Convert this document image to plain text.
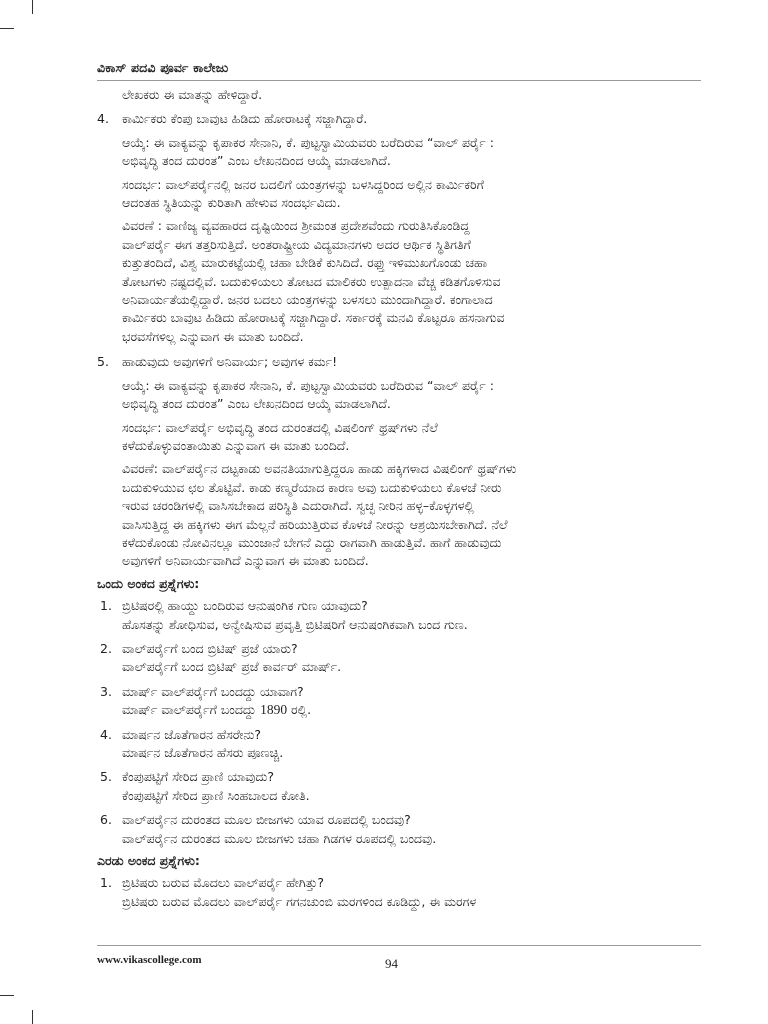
ವಿಕಾಸ್ ಪದವಿ ಪೂರ್ವ ಕಾಲೇಜು
ಲೇಖಕರು ಈ ಮಾತನ್ನು ಹೇಳಿದ್ದಾರೆ.
4. ಕಾರ್ಮಿಕರು ಕೆಂಪು ಬಾವುಟ ಹಿಡಿದು ಹೋರಾಟಕ್ಕೆ ಸಜ್ಜಾಗಿದ್ದಾರೆ.
ಆಯ್ಕೆ: ಈ ವಾಕ್ಯವನ್ನು ಕೃಪಾಕರ ಸೇನಾನಿ, ಕೆ. ಪುಟ್ಟಸ್ವಾಮಿಯವರು ಬರೆದಿರುವ “ವಾಲ್ ಪರ್ರೈ :
ಅಭಿವೃದ್ಧಿ ತಂದ ದುರಂತ” ಎಂಬ ಲೇಖನದಿಂದ ಆಯ್ಕೆ ಮಾಡಲಾಗಿದೆ.
ಸಂದರ್ಭ: ವಾಲ್‌ಪರ್ರೈನಲ್ಲಿ ಜನರ ಬದಲಿಗೆ ಯಂತ್ರಗಳನ್ನು ಬಳಸಿದ್ದರಿಂದ ಅಲ್ಲಿನ ಕಾರ್ಮಿಕರಿಗೆ
ಆದಂತಹ ಸ್ಥಿತಿಯನ್ನು ಕುರಿತಾಗಿ ಹೇಳುವ ಸಂದರ್ಭವಿದು.
ವಿವರಣೆ : ವಾಣಿಜ್ಯ ವ್ಯವಹಾರದ ದೃಷ್ಟಿಯಿಂದ ಶ್ರೀಮಂತ ಪ್ರದೇಶವೆಂದು ಗುರುತಿಸಿಕೊಂಡಿದ್ದ
ವಾಲ್‌ಪರ್ರೈ ಈಗ ತತ್ತರಿಸುತ್ತಿದೆ. ಅಂತರಾಷ್ಟ್ರೀಯ ವಿದ್ಯಮಾನಗಳು ಅದರ ಆರ್ಥಿಕ ಸ್ಥಿತಿಗತಿಗೆ
ಕುತ್ತುತಂದಿದೆ, ವಿಶ್ವ ಮಾರುಕಟ್ಟೆಯಲ್ಲಿ ಚಹಾ ಬೇಡಿಕೆ ಕುಸಿದಿದೆ. ರಫ್ತು ಇಳಿಮುಖಗೊಂಡು ಚಹಾ
ತೋಟಗಳು ನಷ್ಟದಲ್ಲಿವೆ. ಬದುಕುಳಿಯಲು ತೋಟದ ಮಾಲಿಕರು ಉತ್ಪಾದನಾ ವೆಚ್ಚ ಕಡಿತಗೊಳಿಸುವ
ಅನಿವಾರ್ಯತೆಯಲ್ಲಿದ್ದಾರೆ. ಜನರ ಬದಲು ಯಂತ್ರಗಳನ್ನು ಬಳಸಲು ಮುಂದಾಗಿದ್ದಾರೆ. ಕಂಗಾಲಾದ
ಕಾರ್ಮಿಕರು ಬಾವುಟ ಹಿಡಿದು ಹೋರಾಟಕ್ಕೆ ಸಜ್ಜಾಗಿದ್ದಾರೆ. ಸರ್ಕಾರಕ್ಕೆ ಮನವಿ ಕೊಟ್ಟರೂ ಹಸನಾಗುವ
ಭರವಸೆಗಳಿಲ್ಲ ಎನ್ನುವಾಗ ಈ ಮಾತು ಬಂದಿದೆ.
5. ಹಾಡುವುದು ಅವುಗಳಿಗೆ ಅನಿವಾರ್ಯ; ಅವುಗಳ ಕರ್ಮ!
ಆಯ್ಕೆ: ಈ ವಾಕ್ಯವನ್ನು ಕೃಪಾಕರ ಸೇನಾನಿ, ಕೆ. ಪುಟ್ಟಸ್ವಾಮಿಯವರು ಬರೆದಿರುವ “ವಾಲ್ ಪರ್ರೈ :
ಅಭಿವೃದ್ಧಿ ತಂದ ದುರಂತ” ಎಂಬ ಲೇಖನದಿಂದ ಆಯ್ಕೆ ಮಾಡಲಾಗಿದೆ.
ಸಂದರ್ಭ: ವಾಲ್‌ಪರ್ರೈ ಅಭಿವೃದ್ಧಿ ತಂದ ದುರಂತದಲ್ಲಿ ವಿಷಲಿಂಗ್ ಥ್ರಷ್‌ಗಳು ನೆಲೆ
ಕಳೆದುಕೊಳ್ಳುವಂತಾಯಿತು ಎನ್ನುವಾಗ ಈ ಮಾತು ಬಂದಿದೆ.
ವಿವರಣೆ: ವಾಲ್‌ಪರ್ರೈನ ದಟ್ಟಕಾಡು ಅವನತಿಯಾಗುತ್ತಿದ್ದರೂ ಹಾಡು ಹಕ್ಕಿಗಳಾದ ವಿಷಲಿಂಗ್ ಥ್ರಷ್‌ಗಳು
ಬದುಕುಳಿಯುವ ಛಲ ತೊಟ್ಟಿವೆ. ಕಾಡು ಕಣ್ಮರೆಯಾದ ಕಾರಣ ಅವು ಬದುಕುಳಿಯಲು ಕೊಳಚೆ ನೀರು
ಇರುವ ಚರಂಡಿಗಳಲ್ಲಿ ವಾಸಿಸಬೇಕಾದ ಪರಿಸ್ಥಿತಿ ಎದುರಾಗಿದೆ. ಸ್ವಚ್ಛ ನೀರಿನ ಹಳ್ಳ–ಕೊಳ್ಳಗಳಲ್ಲಿ
ವಾಸಿಸುತ್ತಿದ್ದ ಈ ಹಕ್ಕಿಗಳು ಈಗ ಮೆಲ್ಲನೆ ಹರಿಯುತ್ತಿರುವ ಕೊಳಚೆ ನೀರನ್ನು ಆಶ್ರಯಿಸಬೇಕಾಗಿದೆ. ನೆಲೆ
ಕಳೆದುಕೊಂಡು ನೋವಿನಲ್ಲೂ ಮುಂಜಾನೆ ಬೇಗನೆ ಎದ್ದು ರಾಗವಾಗಿ ಹಾಡುತ್ತಿವೆ. ಹಾಗೆ ಹಾಡುವುದು
ಅವುಗಳಿಗೆ ಅನಿವಾರ್ಯವಾಗಿದೆ ಎನ್ನುವಾಗ ಈ ಮಾತು ಬಂದಿದೆ.
ಒಂದು ಅಂಕದ ಪ್ರಶ್ನೆಗಳು:
1. ಬ್ರಿಟಿಷರಲ್ಲಿ ಹಾಯ್ದು ಬಂದಿರುವ ಆನುಷಂಗಿಕ ಗುಣ ಯಾವುದು?
ಹೊಸತನ್ನು ಶೋಧಿಸುವ, ಅನ್ವೇಷಿಸುವ ಪ್ರವೃತ್ತಿ ಬ್ರಿಟಿಷರಿಗೆ ಆನುಷಂಗಿಕವಾಗಿ ಬಂದ ಗುಣ.
2. ವಾಲ್‌ಪರ್ರೈಗೆ ಬಂದ ಬ್ರಿಟಿಷ್ ಪ್ರಜೆ ಯಾರು?
ವಾಲ್‌ಪರ್ರೈಗೆ ಬಂದ ಬ್ರಿಟಿಷ್ ಪ್ರಜೆ ಕಾರ್ವರ್ ಮಾರ್ಷ್.
3. ಮಾರ್ಷ್ ವಾಲ್‌ಪರ್ರೈಗೆ ಬಂದದ್ದು ಯಾವಾಗ?
ಮಾರ್ಷ್ ವಾಲ್‌ಪರ್ರೈಗೆ ಬಂದದ್ದು 1890 ರಲ್ಲಿ.
4. ಮಾರ್ಷನ ಜೊತೆಗಾರನ ಹೆಸರೇನು?
ಮಾರ್ಷನ ಜೊತೆಗಾರನ ಹೆಸರು ಪೂಣಚ್ಚಿ.
5. ಕೆಂಪುಪಟ್ಟಿಗೆ ಸೇರಿದ ಪ್ರಾಣಿ ಯಾವುದು?
ಕೆಂಪುಪಟ್ಟಿಗೆ ಸೇರಿದ ಪ್ರಾಣಿ ಸಿಂಹಬಾಲದ ಕೋತಿ.
6. ವಾಲ್‌ಪರ್ರೈನ ದುರಂತದ ಮೂಲ ಬೀಜಗಳು ಯಾವ ರೂಪದಲ್ಲಿ ಬಂದವು?
ವಾಲ್‌ಪರ್ರೈನ ದುರಂತದ ಮೂಲ ಬೀಜಗಳು ಚಹಾ ಗಿಡಗಳ ರೂಪದಲ್ಲಿ ಬಂದವು.
ಎರಡು ಅಂಕದ ಪ್ರಶ್ನೆಗಳು:
1. ಬ್ರಿಟಿಷರು ಬರುವ ಮೊದಲು ವಾಲ್‌ಪರ್ರೈ ಹೇಗಿತ್ತು?
ಬ್ರಿಟಿಷರು ಬರುವ ಮೊದಲು ವಾಲ್‌ಪರ್ರೈ ಗಗನಚುಂಬಿ ಮರಗಳಿಂದ ಕೂಡಿದ್ದು, ಈ ಮರಗಳ
www.vikascollege.com	94
